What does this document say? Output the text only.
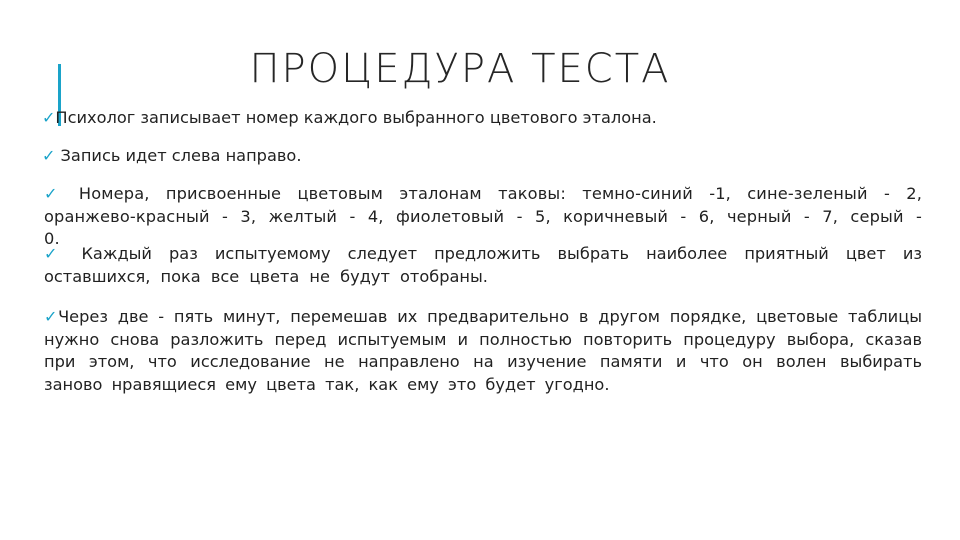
ПРОЦЕДУРА ТЕСТА

✓Психолог записывает номер каждого выбранного цветового эталона.

✓ Запись идет слева направо.

✓ Номера, присвоенные цветовым эталонам таковы: темно-синий -1, сине-зеленый - 2, оранжево-красный - 3, желтый - 4, фиолетовый - 5, коричневый - 6, черный - 7, серый - 0.

✓ Каждый раз испытуемому следует предложить выбрать наиболее приятный цвет из оставшихся, пока все цвета не будут отобраны.

✓Через две - пять минут, перемешав их предварительно в другом порядке, цветовые таблицы нужно снова разложить перед испытуемым и полностью повторить процедуру выбора, сказав при этом, что исследование не направлено на изучение памяти и что он волен выбирать заново нравящиеся ему цвета так, как ему это будет угодно.
